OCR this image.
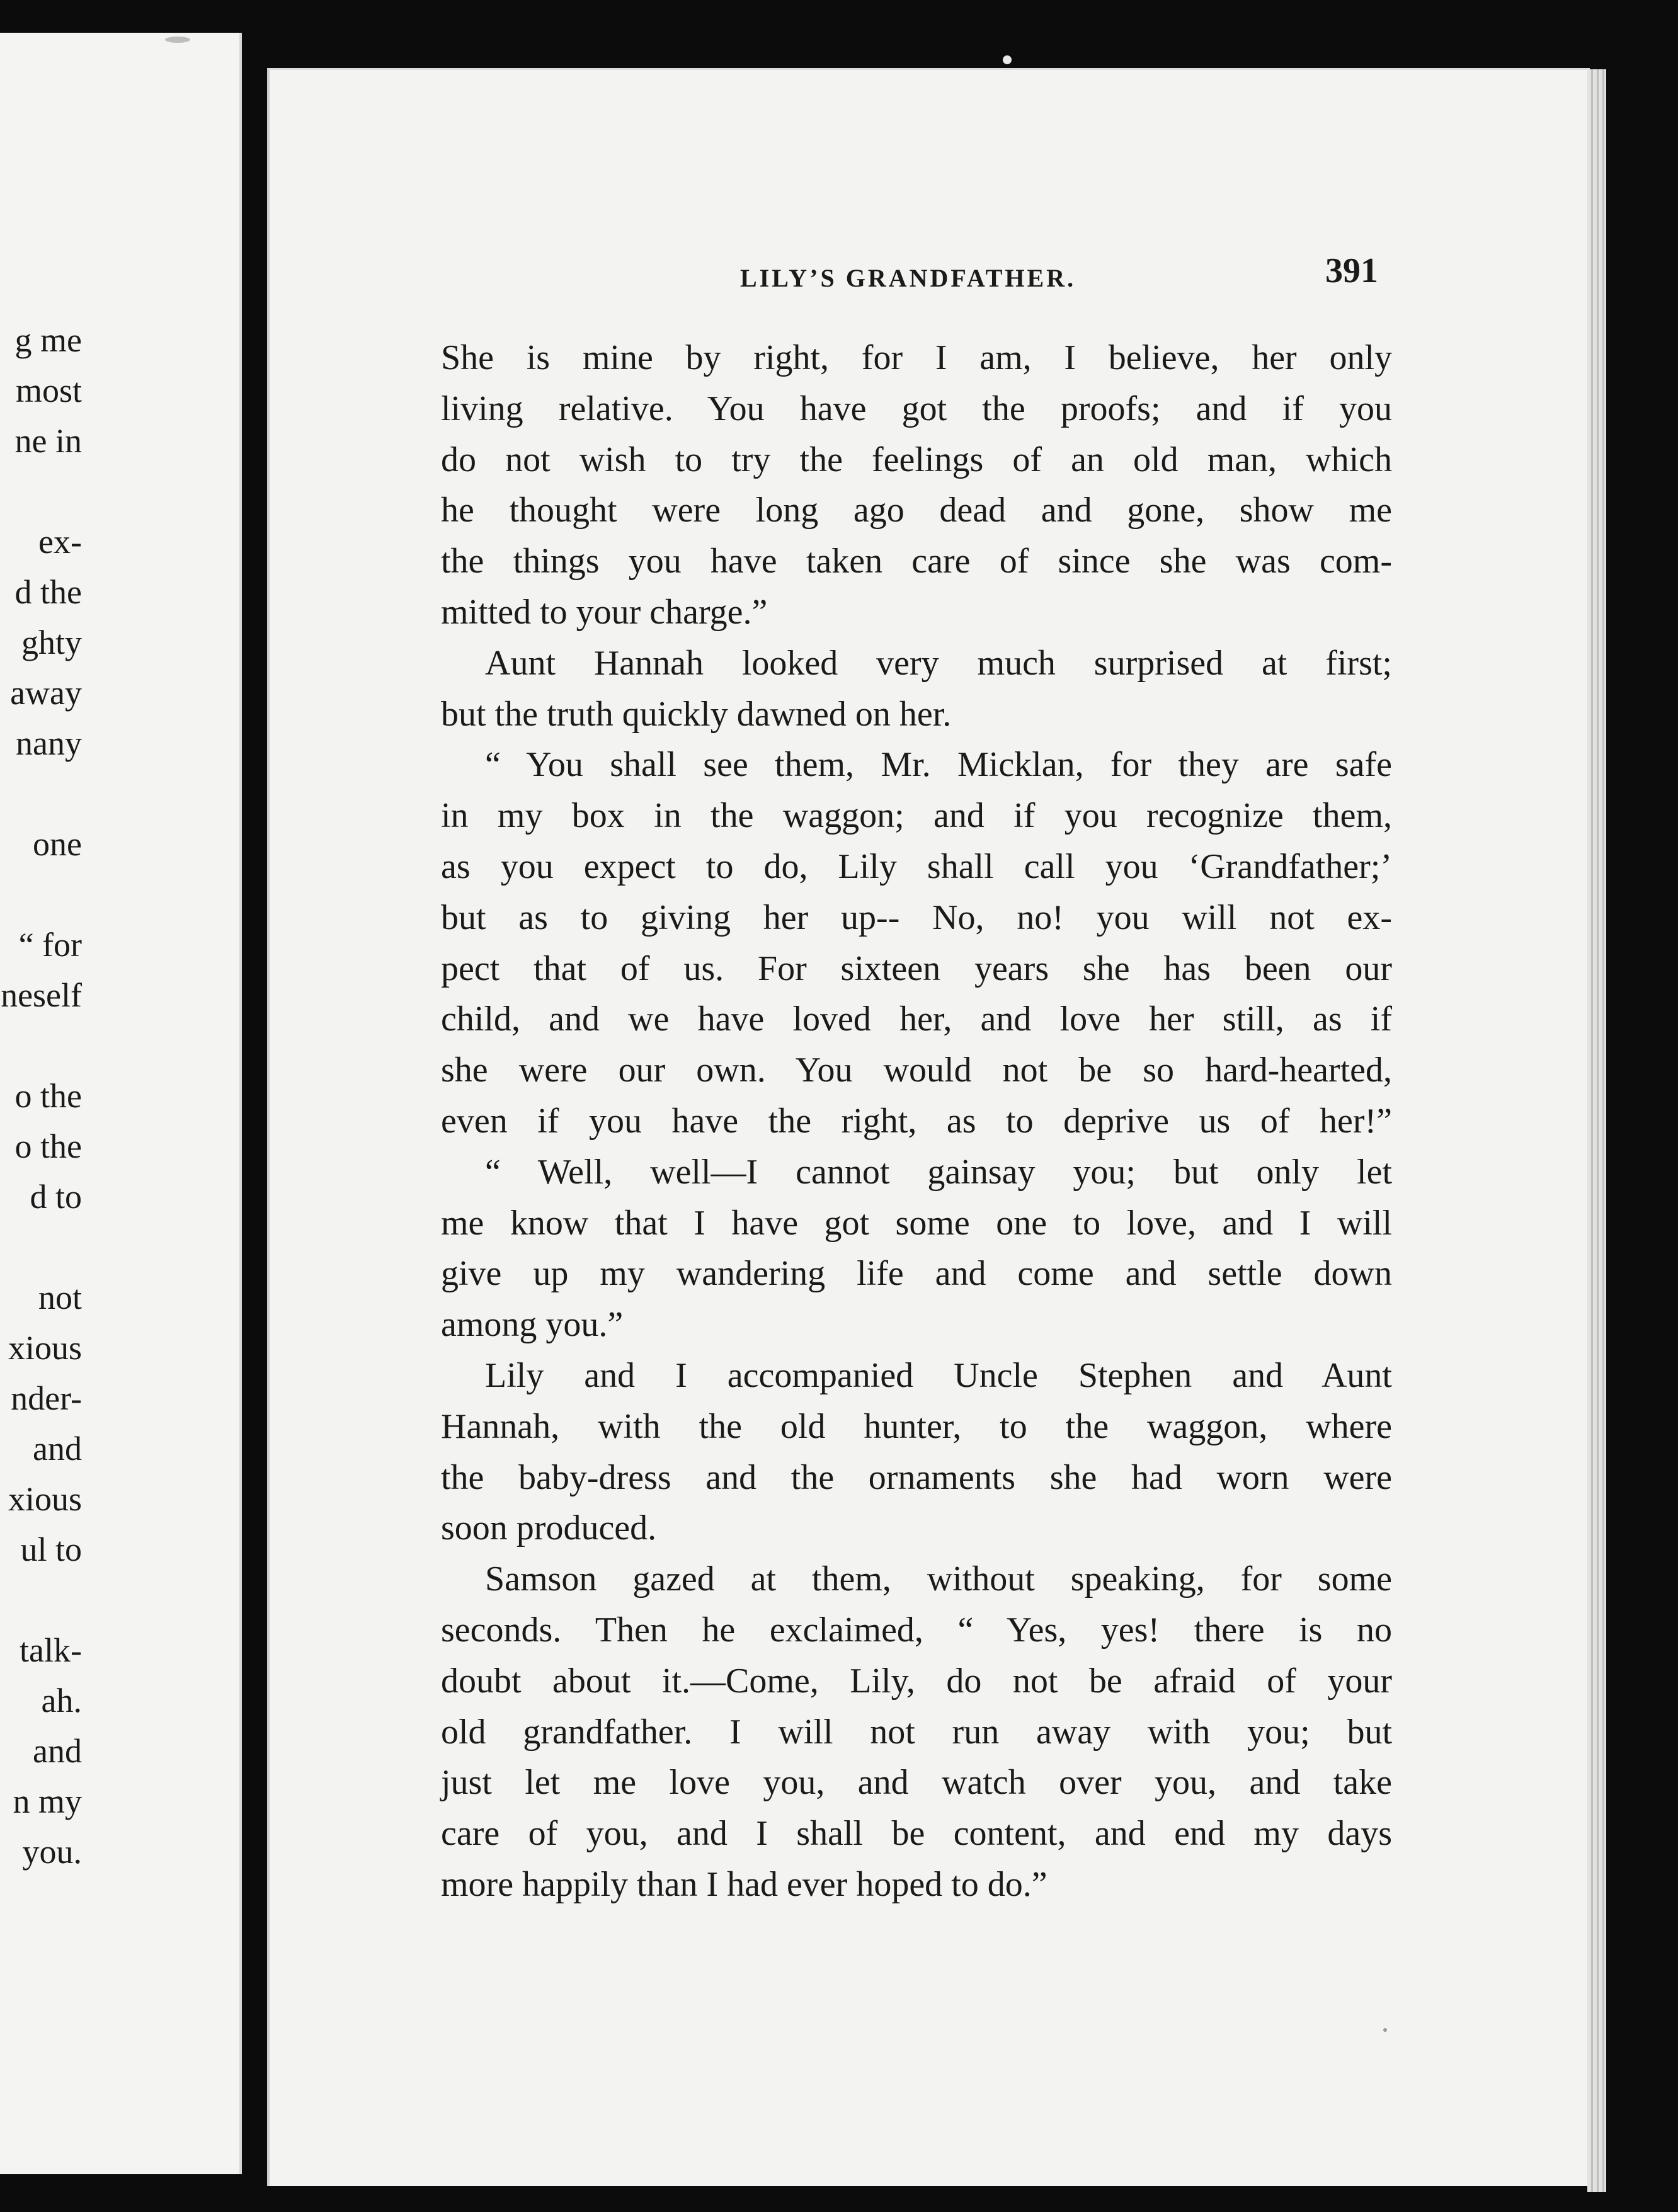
g me
most
ne in
ex-
d the
ghty
away
nany
one
“ for
neself
o the
o the
d to
not
xious
nder-
and
xious
ul to
talk-
ah.
and
n my
you.
LILY’S GRANDFATHER.	391
She is mine by right, for I am, I believe, her only
living relative. You have got the proofs; and if you
do not wish to try the feelings of an old man, which
he thought were long ago dead and gone, show me
the things you have taken care of since she was com-
mitted to your charge.”
Aunt Hannah looked very much surprised at first;
but the truth quickly dawned on her.
“ You shall see them, Mr. Micklan, for they are safe
in my box in the waggon; and if you recognize them,
as you expect to do, Lily shall call you ‘Grandfather;’
but as to giving her up-- No, no! you will not ex-
pect that of us. For sixteen years she has been our
child, and we have loved her, and love her still, as if
she were our own. You would not be so hard-hearted,
even if you have the right, as to deprive us of her!”
“ Well, well—I cannot gainsay you; but only let
me know that I have got some one to love, and I will
give up my wandering life and come and settle down
among you.”
Lily and I accompanied Uncle Stephen and Aunt
Hannah, with the old hunter, to the waggon, where
the baby-dress and the ornaments she had worn were
soon produced.
Samson gazed at them, without speaking, for some
seconds. Then he exclaimed, “ Yes, yes! there is no
doubt about it.—Come, Lily, do not be afraid of your
old grandfather. I will not run away with you; but
just let me love you, and watch over you, and take
care of you, and I shall be content, and end my days
more happily than I had ever hoped to do.”
